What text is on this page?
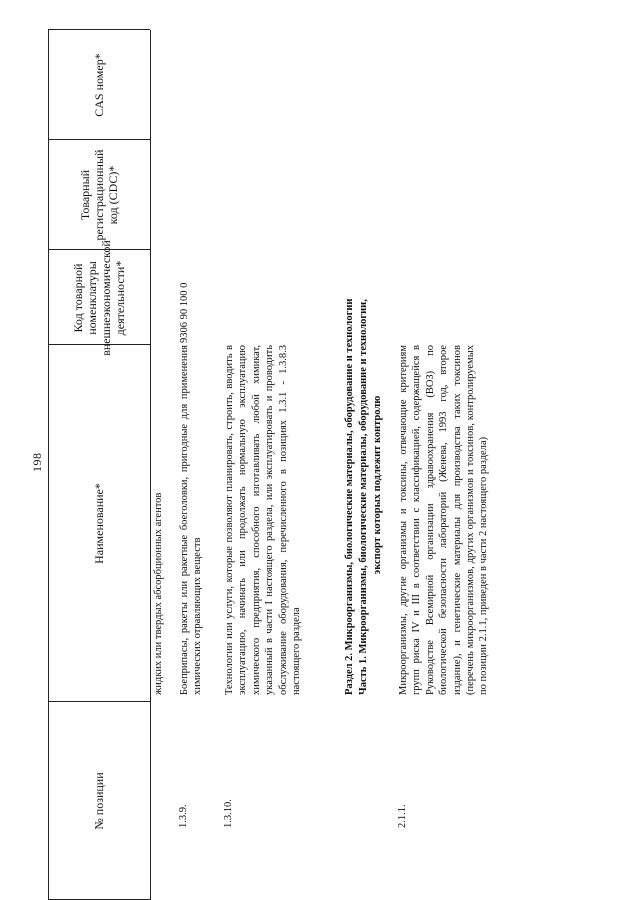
198
№ позиции
Наименование*
Код товарной номенклатуры внешнеэкономической деятельности*
Товарный регистрационный код (CDC)*
CAS номер*
жидких или твердых абсорбционных агентов
1.3.9.
Боеприпасы, ракеты или ракетные боеголовки, пригодные для применения химических отравляющих веществ
9306 90 100 0
1.3.10.
Технологии или услуги, которые позволяют планировать, строить, вводить в эксплуатацию, начинать или продолжать нормальную эксплуатацию химического предприятия, способного изготавливать любой химикат, указанный в части I настоящего раздела, или эксплуатировать и проводить обслуживание оборудования, перечисленного в позициях 1.3.1 - 1.3.8.3 настоящего раздела	Раздел 2. Микроорганизмы, биологические материалы, оборудование и технологии Часть 1. Микроорганизмы, биологические материалы, оборудование и технологии, экспорт которых подлежит контролю
2.1.1.
Микроорганизмы, другие организмы и токсины, отвечающие критериям групп риска IV и III в соответствии с классификацией, содержащейся в Руководстве Всемирной организации здравоохранения (ВОЗ) по биологической безопасности лабораторий (Женева, 1993 год, второе издание), и генетические материалы для производства таких токсинов (перечень микроорганизмов, других организмов и токсинов, контролируемых по позиции 2.1.1, приведен в части 2 настоящего раздела)
